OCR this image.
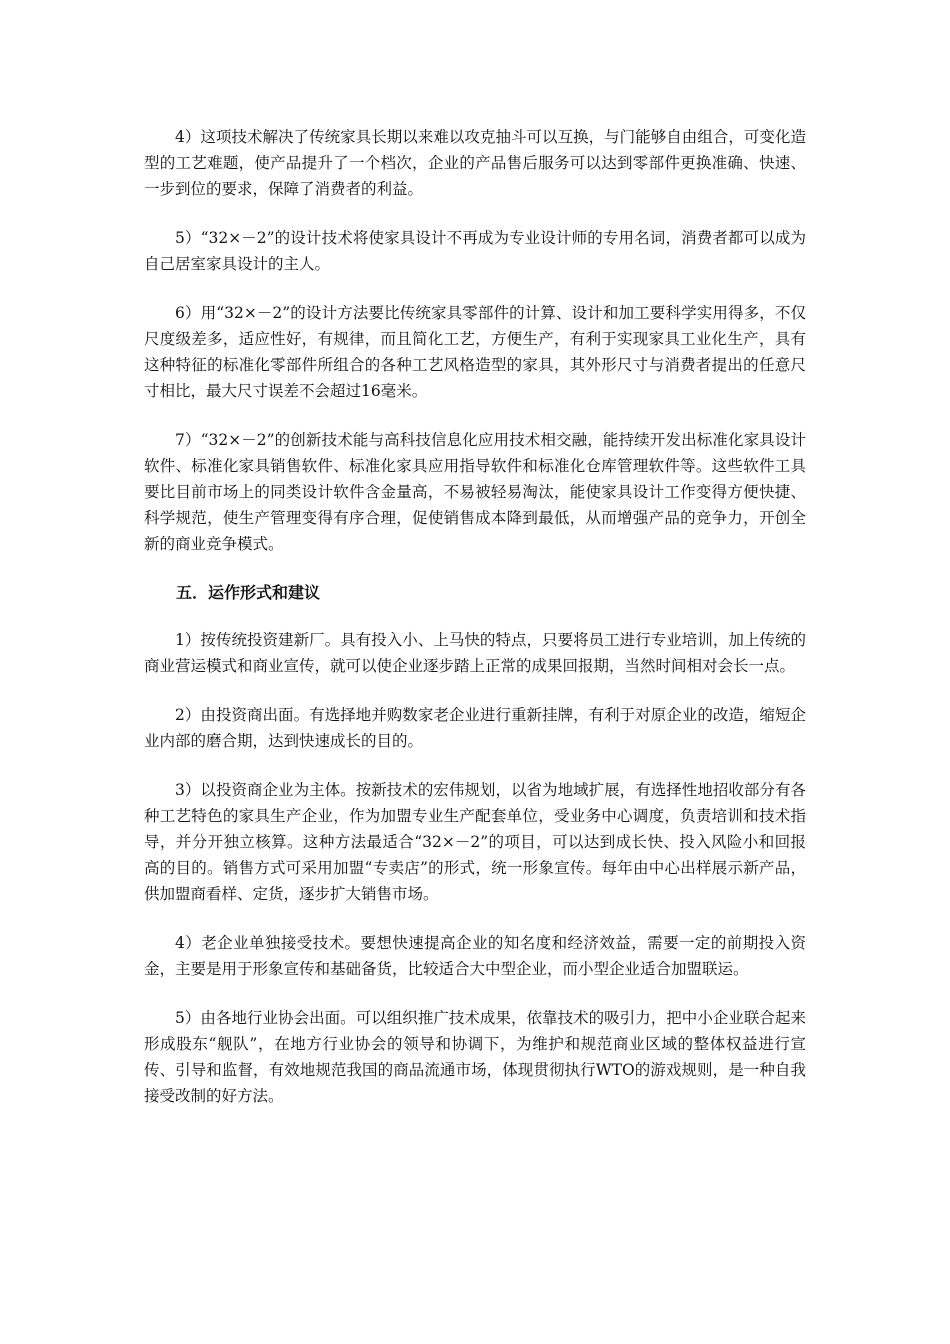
4）这项技术解决了传统家具长期以来难以攻克抽斗可以互换，与门能够自由组合，可变化造型的工艺难题，使产品提升了一个档次，企业的产品售后服务可以达到零部件更换准确、快速、一步到位的要求，保障了消费者的利益。

5）“32×－2”的设计技术将使家具设计不再成为专业设计师的专用名词，消费者都可以成为自己居室家具设计的主人。

6）用“32×－2”的设计方法要比传统家具零部件的计算、设计和加工要科学实用得多，不仅尺度级差多，适应性好，有规律，而且简化工艺，方便生产，有利于实现家具工业化生产，具有这种特征的标准化零部件所组合的各种工艺风格造型的家具，其外形尺寸与消费者提出的任意尺寸相比，最大尺寸误差不会超过16毫米。

7）“32×－2”的创新技术能与高科技信息化应用技术相交融，能持续开发出标准化家具设计软件、标准化家具销售软件、标准化家具应用指导软件和标准化仓库管理软件等。这些软件工具要比目前市场上的同类设计软件含金量高，不易被轻易淘汰，能使家具设计工作变得方便快捷、科学规范，使生产管理变得有序合理，促使销售成本降到最低，从而增强产品的竞争力，开创全新的商业竞争模式。

五．运作形式和建议

1）按传统投资建新厂。具有投入小、上马快的特点，只要将员工进行专业培训，加上传统的商业营运模式和商业宣传，就可以使企业逐步踏上正常的成果回报期，当然时间相对会长一点。

2）由投资商出面。有选择地并购数家老企业进行重新挂牌，有利于对原企业的改造，缩短企业内部的磨合期，达到快速成长的目的。

3）以投资商企业为主体。按新技术的宏伟规划，以省为地域扩展，有选择性地招收部分有各种工艺特色的家具生产企业，作为加盟专业生产配套单位，受业务中心调度，负责培训和技术指导，并分开独立核算。这种方法最适合“32×－2”的项目，可以达到成长快、投入风险小和回报高的目的。销售方式可采用加盟“专卖店”的形式，统一形象宣传。每年由中心出样展示新产品，供加盟商看样、定货，逐步扩大销售市场。

4）老企业单独接受技术。要想快速提高企业的知名度和经济效益，需要一定的前期投入资金，主要是用于形象宣传和基础备货，比较适合大中型企业，而小型企业适合加盟联运。

5）由各地行业协会出面。可以组织推广技术成果，依靠技术的吸引力，把中小企业联合起来形成股东“舰队”，在地方行业协会的领导和协调下，为维护和规范商业区域的整体权益进行宣传、引导和监督，有效地规范我国的商品流通市场，体现贯彻执行WTO的游戏规则，是一种自我接受改制的好方法。
